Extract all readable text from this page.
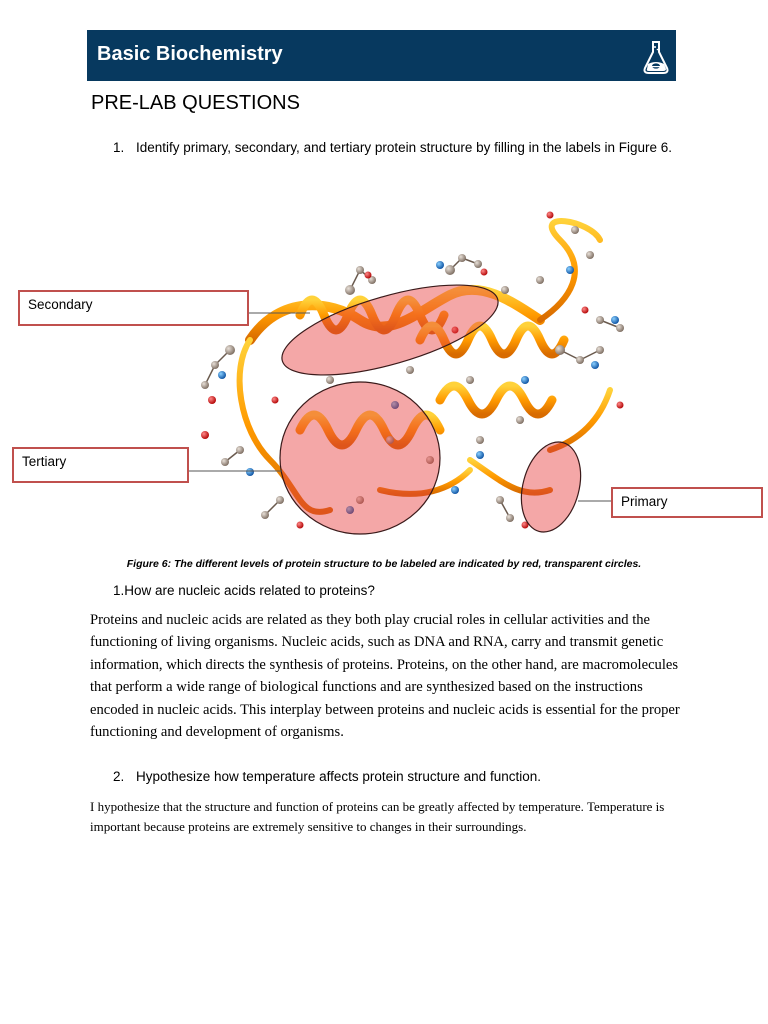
Basic Biochemistry
PRE-LAB QUESTIONS
1. Identify primary, secondary, and tertiary protein structure by filling in the labels in Figure 6.
Secondary
Tertiary
Primary
Figure 6: The different levels of protein structure to be labeled are indicated by red, transparent circles.
1.How are nucleic acids related to proteins?
Proteins and nucleic acids are related as they both play crucial roles in cellular activities and the functioning of living organisms. Nucleic acids, such as DNA and RNA, carry and transmit genetic information, which directs the synthesis of proteins. Proteins, on the other hand, are macromolecules that perform a wide range of biological functions and are synthesized based on the instructions encoded in nucleic acids. This interplay between proteins and nucleic acids is essential for the proper functioning and development of organisms.
2. Hypothesize how temperature affects protein structure and function.
I hypothesize that the structure and function of proteins can be greatly affected by temperature. Temperature is important because proteins are extremely sensitive to changes in their surroundings.
